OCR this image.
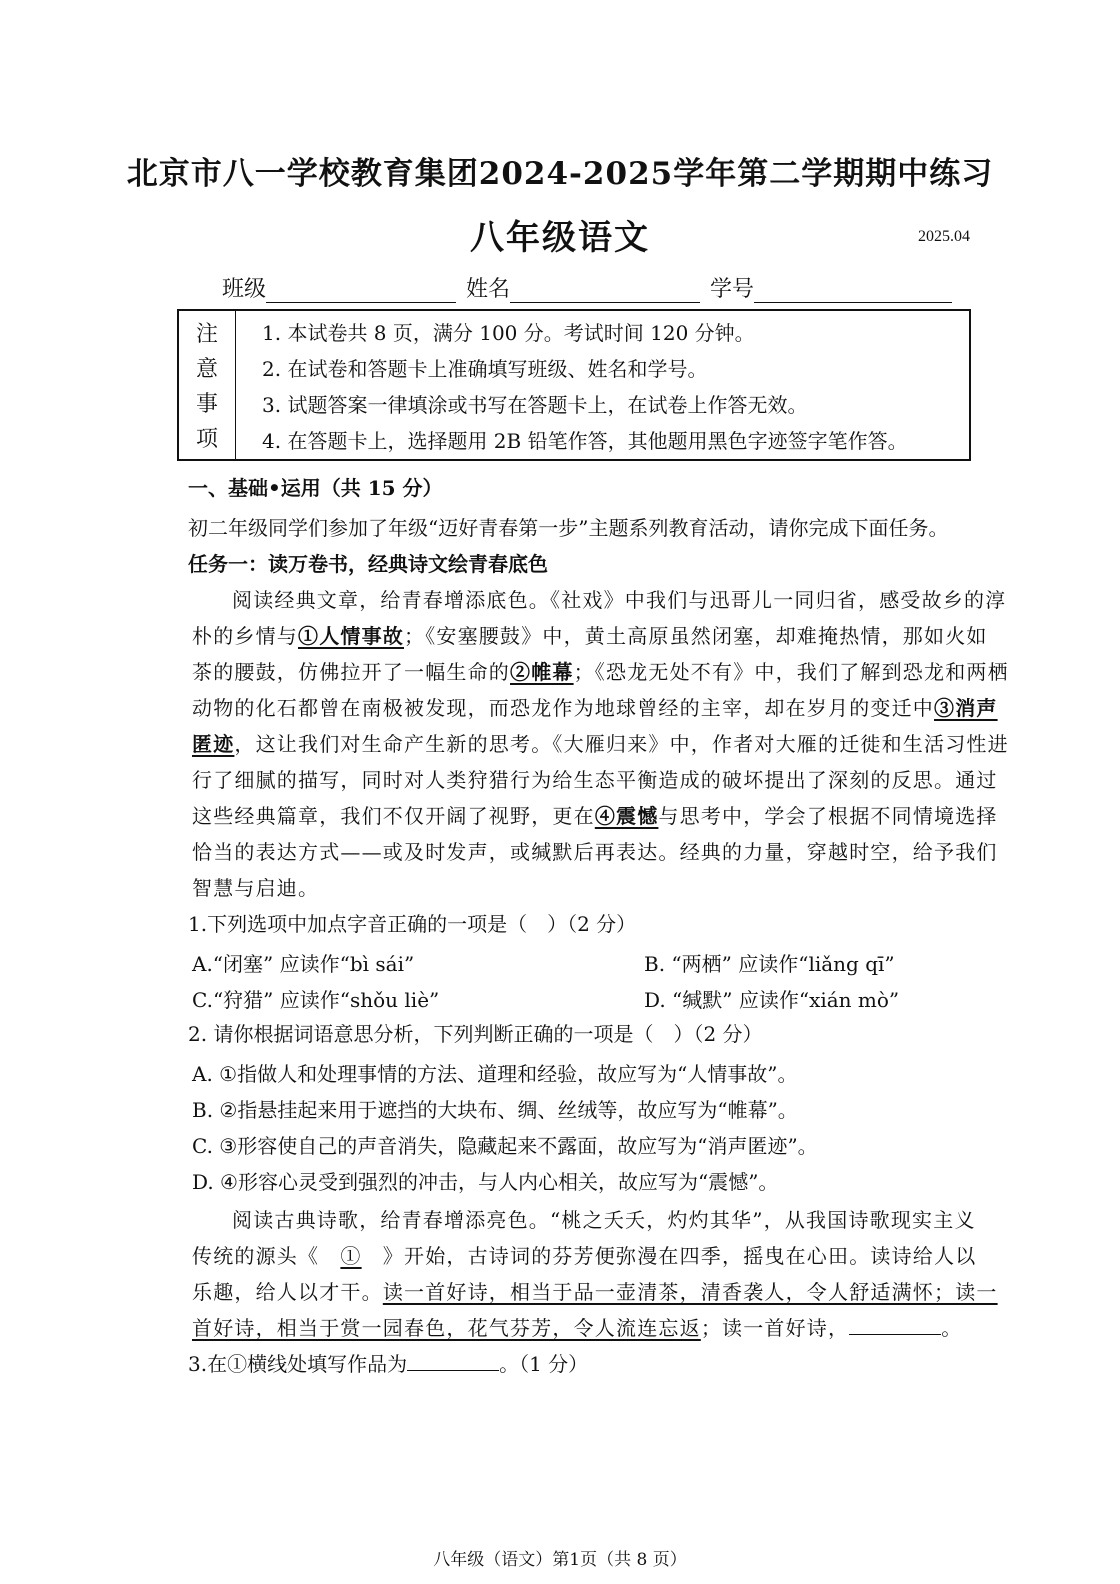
北京市八一学校教育集团2024-2025学年第二学期期中练习
八年级语文	2025.04
班级	姓名	学号
注
意
事
项
1. 本试卷共 8 页，满分 100 分。考试时间 120 分钟。
2. 在试卷和答题卡上准确填写班级、姓名和学号。
3. 试题答案一律填涂或书写在答题卡上，在试卷上作答无效。
4. 在答题卡上，选择题用 2B 铅笔作答，其他题用黑色字迹签字笔作答。
一、基础•运用（共 15 分）
初二年级同学们参加了年级“迈好青春第一步”主题系列教育活动，请你完成下面任务。
任务一：读万卷书，经典诗文绘青春底色
阅读经典文章，给青春增添底色。《社戏》中我们与迅哥儿一同归省，感受故乡的淳
朴的乡情与①人情事故；《安塞腰鼓》中，黄土高原虽然闭塞，却难掩热情，那如火如
茶的腰鼓，仿佛拉开了一幅生命的②帷幕；《恐龙无处不有》中，我们了解到恐龙和两栖
动物的化石都曾在南极被发现，而恐龙作为地球曾经的主宰，却在岁月的变迁中③消声
匿迹，这让我们对生命产生新的思考。《大雁归来》中，作者对大雁的迁徙和生活习性进
行了细腻的描写，同时对人类狩猎行为给生态平衡造成的破坏提出了深刻的反思。通过
这些经典篇章，我们不仅开阔了视野，更在④震憾与思考中，学会了根据不同情境选择
恰当的表达方式——或及时发声，或缄默后再表达。经典的力量，穿越时空，给予我们
智慧与启迪。
1.下列选项中加点字音正确的一项是（　）（2 分）
A.“闭塞” 应读作“bì sái”	B. “两栖” 应读作“liǎng qī”
C.“狩猎” 应读作“shǒu liè”	D. “缄默” 应读作“xián mò”
2. 请你根据词语意思分析，下列判断正确的一项是（　）（2 分）
A. ①指做人和处理事情的方法、道理和经验，故应写为“人情事故”。
B. ②指悬挂起来用于遮挡的大块布、绸、丝绒等，故应写为“帷幕”。
C. ③形容使自己的声音消失，隐藏起来不露面，故应写为“消声匿迹”。
D. ④形容心灵受到强烈的冲击，与人内心相关，故应写为“震憾”。
阅读古典诗歌，给青春增添亮色。“桃之夭夭，灼灼其华”，从我国诗歌现实主义
传统的源头《　①　》开始，古诗词的芬芳便弥漫在四季，摇曳在心田。读诗给人以
乐趣，给人以才干。读一首好诗，相当于品一壶清茶，清香袭人，令人舒适满怀；读一
首好诗，相当于赏一园春色，花气芬芳，令人流连忘返；读一首好诗，	。
3.在①横线处填写作品为	。（1 分）
八年级（语文）第1页（共 8 页）
